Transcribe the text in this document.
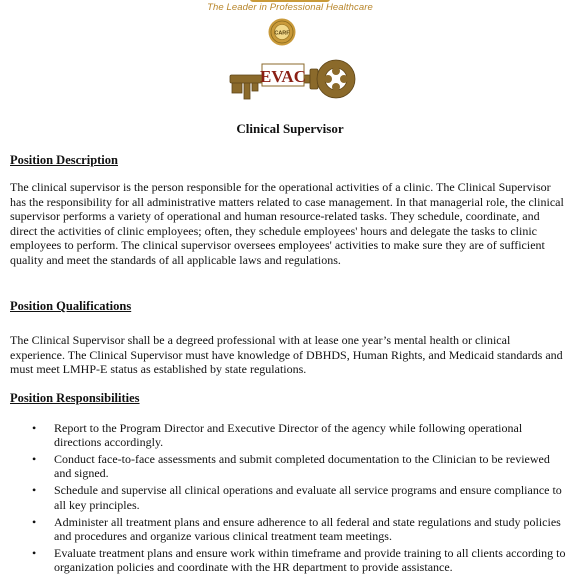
The Leader in Professional Healthcare
CARF
EVAC
Clinical Supervisor
Position Description

The clinical supervisor is the person responsible for the operational activities of a clinic. The Clinical Supervisor has the responsibility for all administrative matters related to case management. In that managerial role, the clinical supervisor performs a variety of operational and human resource-related tasks. They schedule, coordinate, and direct the activities of clinic employees; often, they schedule employees' hours and delegate the tasks to clinic employees to perform. The clinical supervisor oversees employees' activities to make sure they are of sufficient quality and meet the standards of all applicable laws and regulations.

Position Qualifications

The Clinical Supervisor shall be a degreed professional with at lease one year’s mental health or clinical experience. The Clinical Supervisor must have knowledge of DBHDS, Human Rights, and Medicaid standards and must meet LMHP-E status as established by state regulations.

Position Responsibilities
• Report to the Program Director and Executive Director of the agency while following operational directions accordingly.
• Conduct face-to-face assessments and submit completed documentation to the Clinician to be reviewed and signed.
• Schedule and supervise all clinical operations and evaluate all service programs and ensure compliance to all key principles.
• Administer all treatment plans and ensure adherence to all federal and state regulations and study policies and procedures and organize various clinical treatment team meetings.
• Evaluate treatment plans and ensure work within timeframe and provide training to all clients according to organization policies and coordinate with the HR department to provide assistance.
